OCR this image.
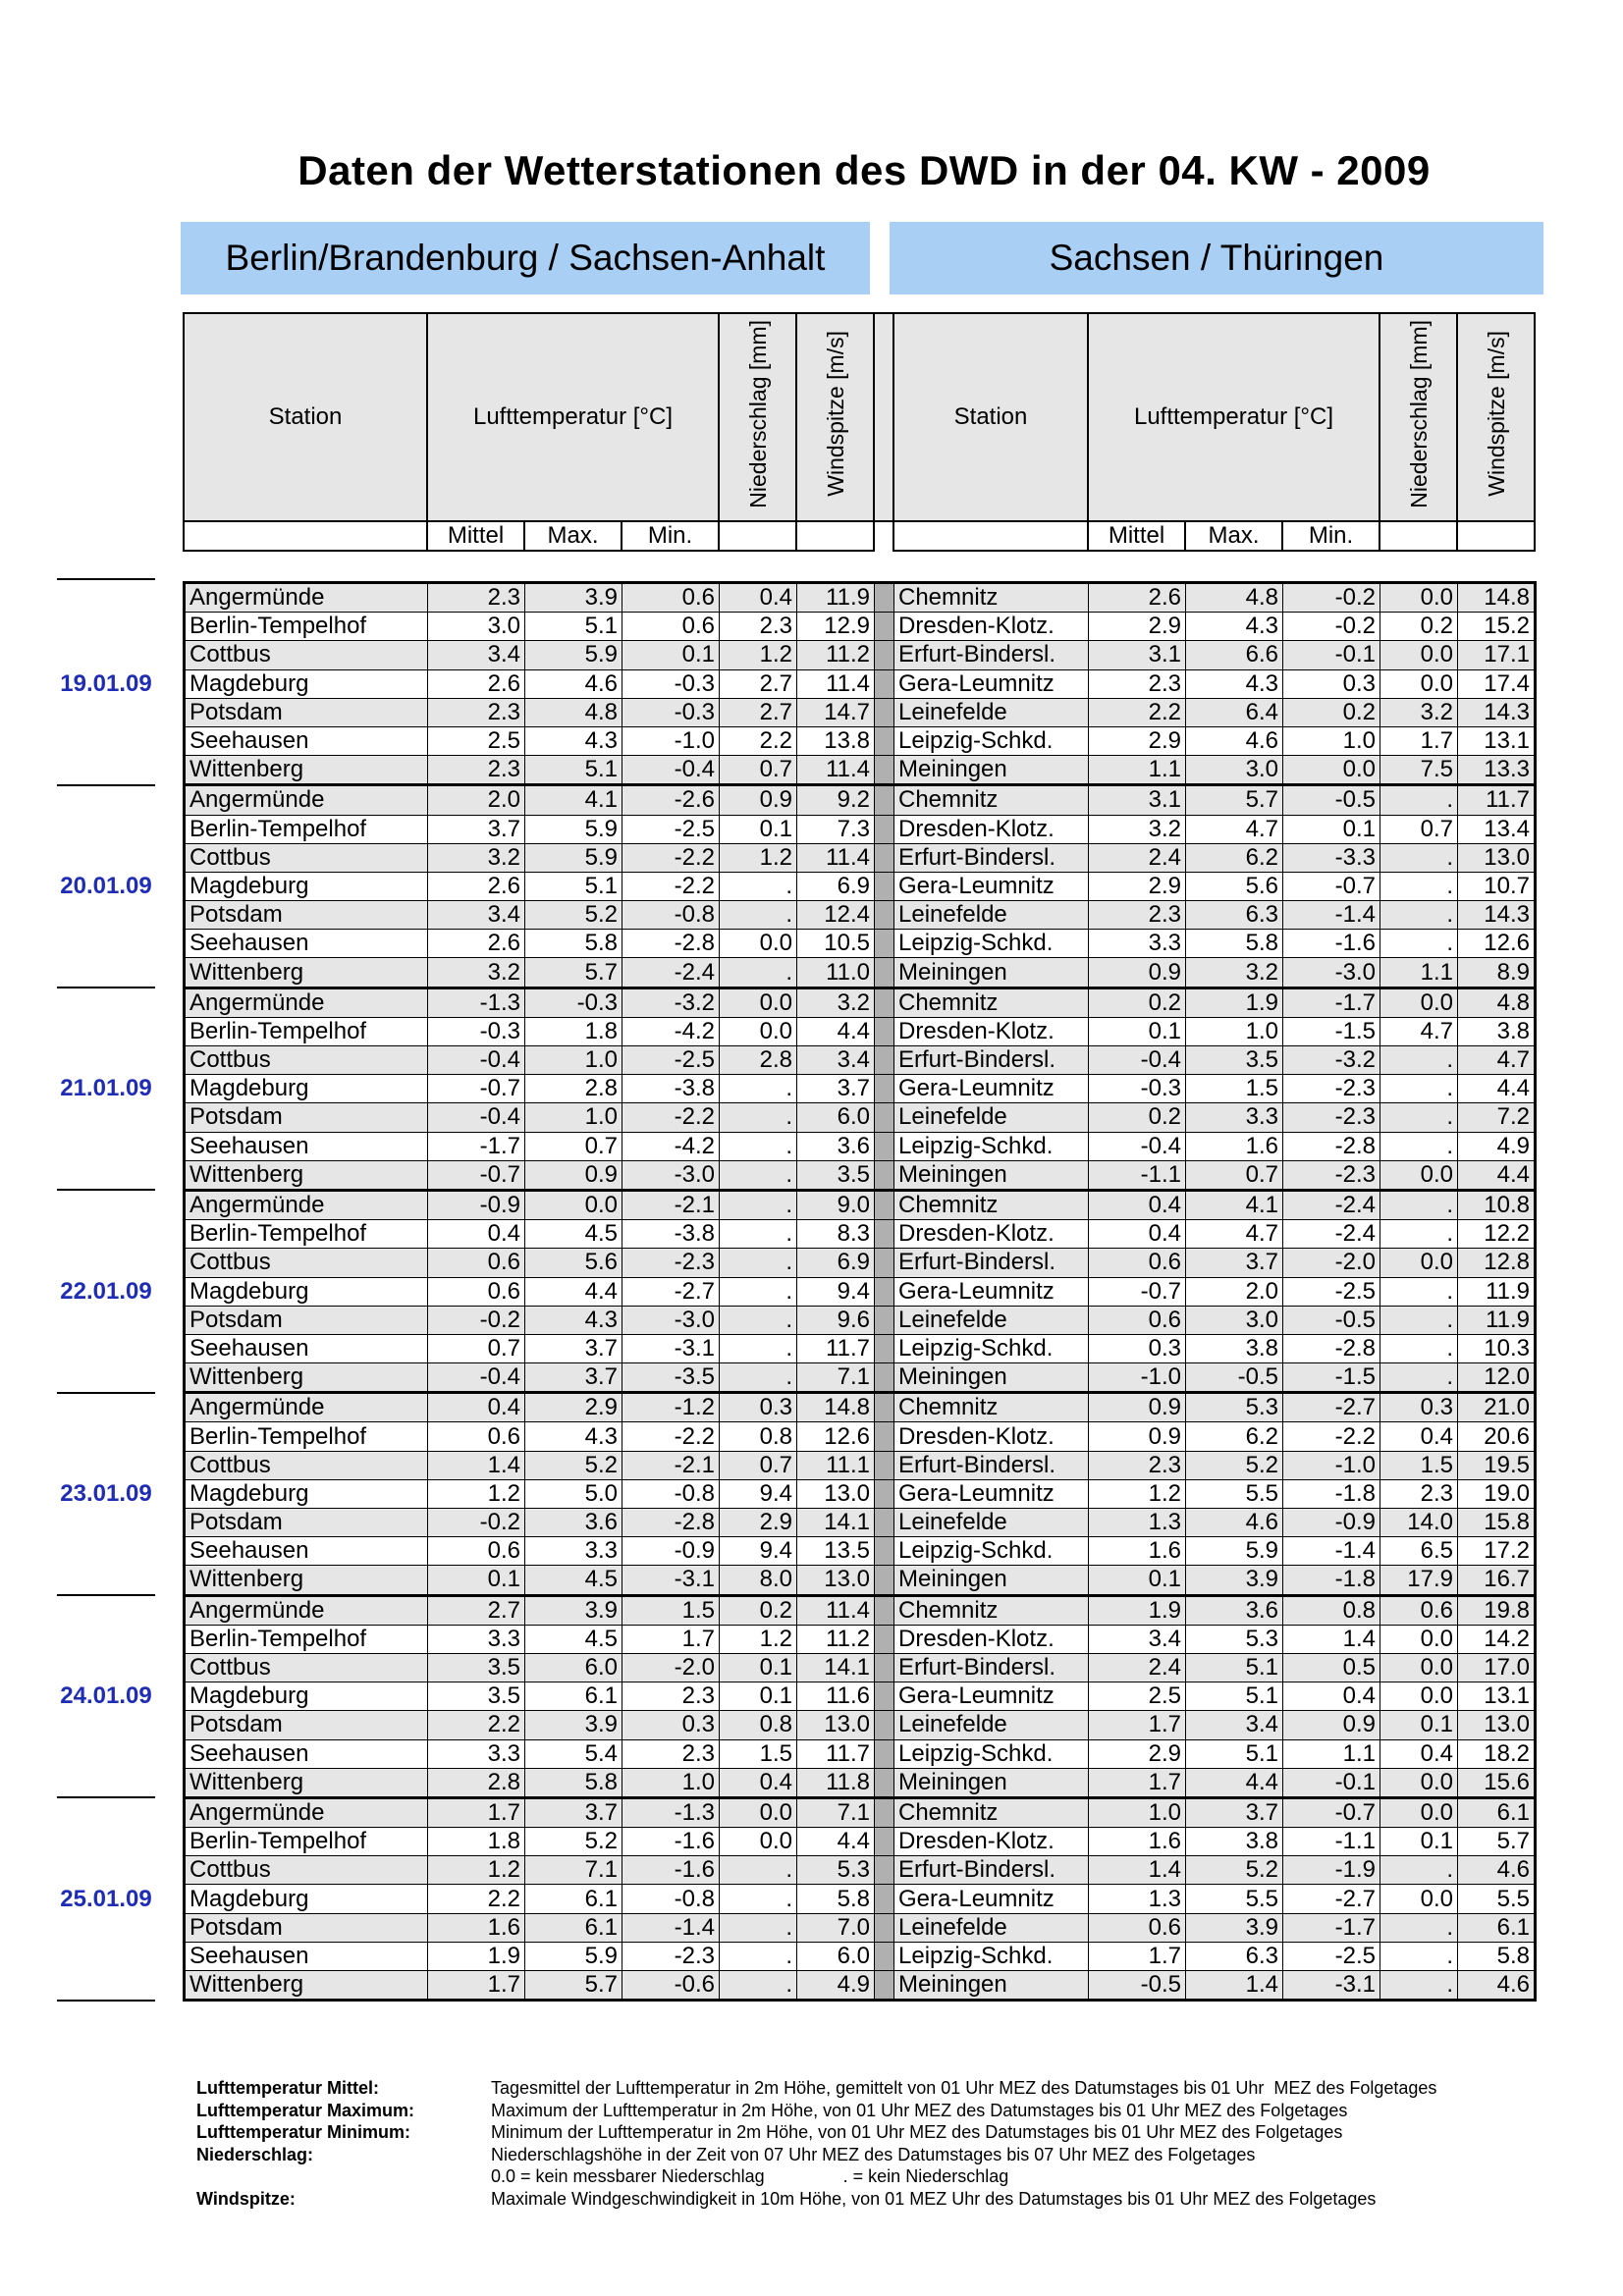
Daten der Wetterstationen des DWD in der 04. KW - 2009
Berlin/Brandenburg / Sachsen-Anhalt	Sachsen / Thüringen
Station	Lufttemperatur [°C]			Niederschlag [mm]	Windspitze [m/s]		Station	Lufttemperatur [°C]			Niederschlag [mm]	Windspitze [m/s]
	Mittel	Max.	Min.					Mittel	Max.	Min.		
Angermünde	2.3	3.9	0.6	0.4	11.9		Chemnitz	2.6	4.8	-0.2	0.0	14.8
Berlin-Tempelhof	3.0	5.1	0.6	2.3	12.9		Dresden-Klotz.	2.9	4.3	-0.2	0.2	15.2
Cottbus	3.4	5.9	0.1	1.2	11.2		Erfurt-Bindersl.	3.1	6.6	-0.1	0.0	17.1
Magdeburg	2.6	4.6	-0.3	2.7	11.4		Gera-Leumnitz	2.3	4.3	0.3	0.0	17.4
Potsdam	2.3	4.8	-0.3	2.7	14.7		Leinefelde	2.2	6.4	0.2	3.2	14.3
Seehausen	2.5	4.3	-1.0	2.2	13.8		Leipzig-Schkd.	2.9	4.6	1.0	1.7	13.1
Wittenberg	2.3	5.1	-0.4	0.7	11.4		Meiningen	1.1	3.0	0.0	7.5	13.3
Angermünde	2.0	4.1	-2.6	0.9	9.2		Chemnitz	3.1	5.7	-0.5	.	11.7
Berlin-Tempelhof	3.7	5.9	-2.5	0.1	7.3		Dresden-Klotz.	3.2	4.7	0.1	0.7	13.4
Cottbus	3.2	5.9	-2.2	1.2	11.4		Erfurt-Bindersl.	2.4	6.2	-3.3	.	13.0
Magdeburg	2.6	5.1	-2.2	.	6.9		Gera-Leumnitz	2.9	5.6	-0.7	.	10.7
Potsdam	3.4	5.2	-0.8	.	12.4		Leinefelde	2.3	6.3	-1.4	.	14.3
Seehausen	2.6	5.8	-2.8	0.0	10.5		Leipzig-Schkd.	3.3	5.8	-1.6	.	12.6
Wittenberg	3.2	5.7	-2.4	.	11.0		Meiningen	0.9	3.2	-3.0	1.1	8.9
Angermünde	-1.3	-0.3	-3.2	0.0	3.2		Chemnitz	0.2	1.9	-1.7	0.0	4.8
Berlin-Tempelhof	-0.3	1.8	-4.2	0.0	4.4		Dresden-Klotz.	0.1	1.0	-1.5	4.7	3.8
Cottbus	-0.4	1.0	-2.5	2.8	3.4		Erfurt-Bindersl.	-0.4	3.5	-3.2	.	4.7
Magdeburg	-0.7	2.8	-3.8	.	3.7		Gera-Leumnitz	-0.3	1.5	-2.3	.	4.4
Potsdam	-0.4	1.0	-2.2	.	6.0		Leinefelde	0.2	3.3	-2.3	.	7.2
Seehausen	-1.7	0.7	-4.2	.	3.6		Leipzig-Schkd.	-0.4	1.6	-2.8	.	4.9
Wittenberg	-0.7	0.9	-3.0	.	3.5		Meiningen	-1.1	0.7	-2.3	0.0	4.4
Angermünde	-0.9	0.0	-2.1	.	9.0		Chemnitz	0.4	4.1	-2.4	.	10.8
Berlin-Tempelhof	0.4	4.5	-3.8	.	8.3		Dresden-Klotz.	0.4	4.7	-2.4	.	12.2
Cottbus	0.6	5.6	-2.3	.	6.9		Erfurt-Bindersl.	0.6	3.7	-2.0	0.0	12.8
Magdeburg	0.6	4.4	-2.7	.	9.4		Gera-Leumnitz	-0.7	2.0	-2.5	.	11.9
Potsdam	-0.2	4.3	-3.0	.	9.6		Leinefelde	0.6	3.0	-0.5	.	11.9
Seehausen	0.7	3.7	-3.1	.	11.7		Leipzig-Schkd.	0.3	3.8	-2.8	.	10.3
Wittenberg	-0.4	3.7	-3.5	.	7.1		Meiningen	-1.0	-0.5	-1.5	.	12.0
Angermünde	0.4	2.9	-1.2	0.3	14.8		Chemnitz	0.9	5.3	-2.7	0.3	21.0
Berlin-Tempelhof	0.6	4.3	-2.2	0.8	12.6		Dresden-Klotz.	0.9	6.2	-2.2	0.4	20.6
Cottbus	1.4	5.2	-2.1	0.7	11.1		Erfurt-Bindersl.	2.3	5.2	-1.0	1.5	19.5
Magdeburg	1.2	5.0	-0.8	9.4	13.0		Gera-Leumnitz	1.2	5.5	-1.8	2.3	19.0
Potsdam	-0.2	3.6	-2.8	2.9	14.1		Leinefelde	1.3	4.6	-0.9	14.0	15.8
Seehausen	0.6	3.3	-0.9	9.4	13.5		Leipzig-Schkd.	1.6	5.9	-1.4	6.5	17.2
Wittenberg	0.1	4.5	-3.1	8.0	13.0		Meiningen	0.1	3.9	-1.8	17.9	16.7
Angermünde	2.7	3.9	1.5	0.2	11.4		Chemnitz	1.9	3.6	0.8	0.6	19.8
Berlin-Tempelhof	3.3	4.5	1.7	1.2	11.2		Dresden-Klotz.	3.4	5.3	1.4	0.0	14.2
Cottbus	3.5	6.0	-2.0	0.1	14.1		Erfurt-Bindersl.	2.4	5.1	0.5	0.0	17.0
Magdeburg	3.5	6.1	2.3	0.1	11.6		Gera-Leumnitz	2.5	5.1	0.4	0.0	13.1
Potsdam	2.2	3.9	0.3	0.8	13.0		Leinefelde	1.7	3.4	0.9	0.1	13.0
Seehausen	3.3	5.4	2.3	1.5	11.7		Leipzig-Schkd.	2.9	5.1	1.1	0.4	18.2
Wittenberg	2.8	5.8	1.0	0.4	11.8		Meiningen	1.7	4.4	-0.1	0.0	15.6
Angermünde	1.7	3.7	-1.3	0.0	7.1		Chemnitz	1.0	3.7	-0.7	0.0	6.1
Berlin-Tempelhof	1.8	5.2	-1.6	0.0	4.4		Dresden-Klotz.	1.6	3.8	-1.1	0.1	5.7
Cottbus	1.2	7.1	-1.6	.	5.3		Erfurt-Bindersl.	1.4	5.2	-1.9	.	4.6
Magdeburg	2.2	6.1	-0.8	.	5.8		Gera-Leumnitz	1.3	5.5	-2.7	0.0	5.5
Potsdam	1.6	6.1	-1.4	.	7.0		Leinefelde	0.6	3.9	-1.7	.	6.1
Seehausen	1.9	5.9	-2.3	.	6.0		Leipzig-Schkd.	1.7	6.3	-2.5	.	5.8
Wittenberg	1.7	5.7	-0.6	.	4.9		Meiningen	-0.5	1.4	-3.1	.	4.6
19.01.09
20.01.09
21.01.09
22.01.09
23.01.09
24.01.09
25.01.09
Lufttemperatur Mittel:	Tagesmittel der Lufttemperatur in 2m Höhe, gemittelt von 01 Uhr MEZ des Datumstages bis 01 Uhr  MEZ des Folgetages
Lufttemperatur Maximum:	Maximum der Lufttemperatur in 2m Höhe, von 01 Uhr MEZ des Datumstages bis 01 Uhr MEZ des Folgetages
Lufttemperatur Minimum:	Minimum der Lufttemperatur in 2m Höhe, von 01 Uhr MEZ des Datumstages bis 01 Uhr MEZ des Folgetages
Niederschlag:	Niederschlagshöhe in der Zeit von 07 Uhr MEZ des Datumstages bis 07 Uhr MEZ des Folgetages
0.0 = kein messbarer Niederschlag                . = kein Niederschlag
Windspitze:	Maximale Windgeschwindigkeit in 10m Höhe, von 01 MEZ Uhr des Datumstages bis 01 Uhr MEZ des Folgetages
